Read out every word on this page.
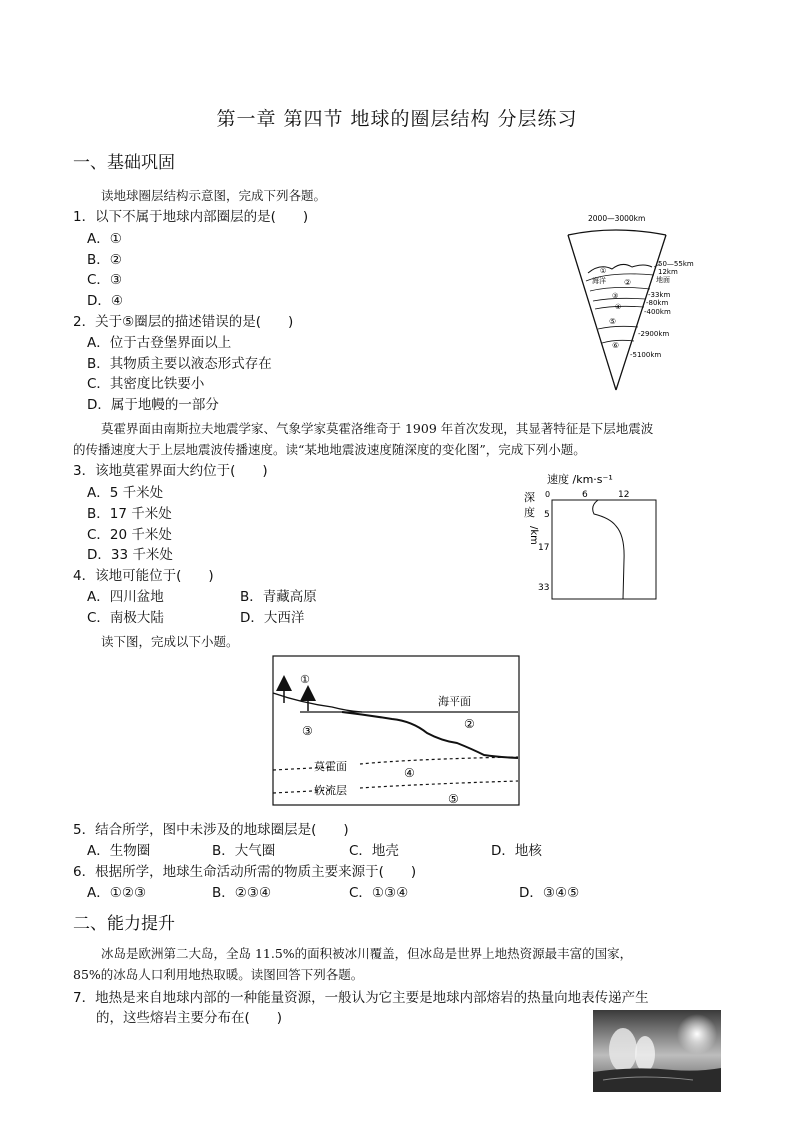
第一章 第四节 地球的圈层结构 分层练习
一、基础巩固
读地球圈层结构示意图，完成下列各题。
1．以下不属于地球内部圈层的是(　　)
A．①
B．②
C．③
D．④
2．关于⑤圈层的描述错误的是(　　)
A．位于古登堡界面以上
B．其物质主要以液态形式存在
C．其密度比铁要小
D．属于地幔的一部分
莫霍界面由南斯拉夫地震学家、气象学家莫霍洛维奇于 1909 年首次发现，其显著特征是下层地震波
的传播速度大于上层地震波传播速度。读“某地地震波速度随深度的变化图”，完成下列小题。
3．该地莫霍界面大约位于(　　)
A．5 千米处
B．17 千米处
C．20 千米处
D．33 千米处
4．该地可能位于(　　)
A．四川盆地	B．青藏高原
C．南极大陆	D．大西洋
读下图，完成以下小题。
5．结合所学，图中未涉及的地球圈层是(　　)
A．生物圈	B．大气圈	C．地壳	D．地核
6．根据所学，地球生命活动所需的物质主要来源于(　　)
A．①②③	B．②③④	C．①③④	D．③④⑤
二、能力提升
冰岛是欧洲第二大岛，全岛 11.5%的面积被冰川覆盖，但冰岛是世界上地热资源最丰富的国家，
85%的冰岛人口利用地热取暖。读图回答下列各题。
7．地热是来自地球内部的一种能量资源，一般认为它主要是地球内部熔岩的热量向地表传递产生
的，这些熔岩主要分布在(　　)
2000—3000km
①
海洋 ②
③
④
⑤
⑥
50—55km
12km
地面
-33km
-80km
-400km
-2900km
-5100km
速度 /km·s⁻¹
0	6	12
深
度
/km
5
17
33
①
海平面
②
③
莫霍面	④
软流层
⑤
